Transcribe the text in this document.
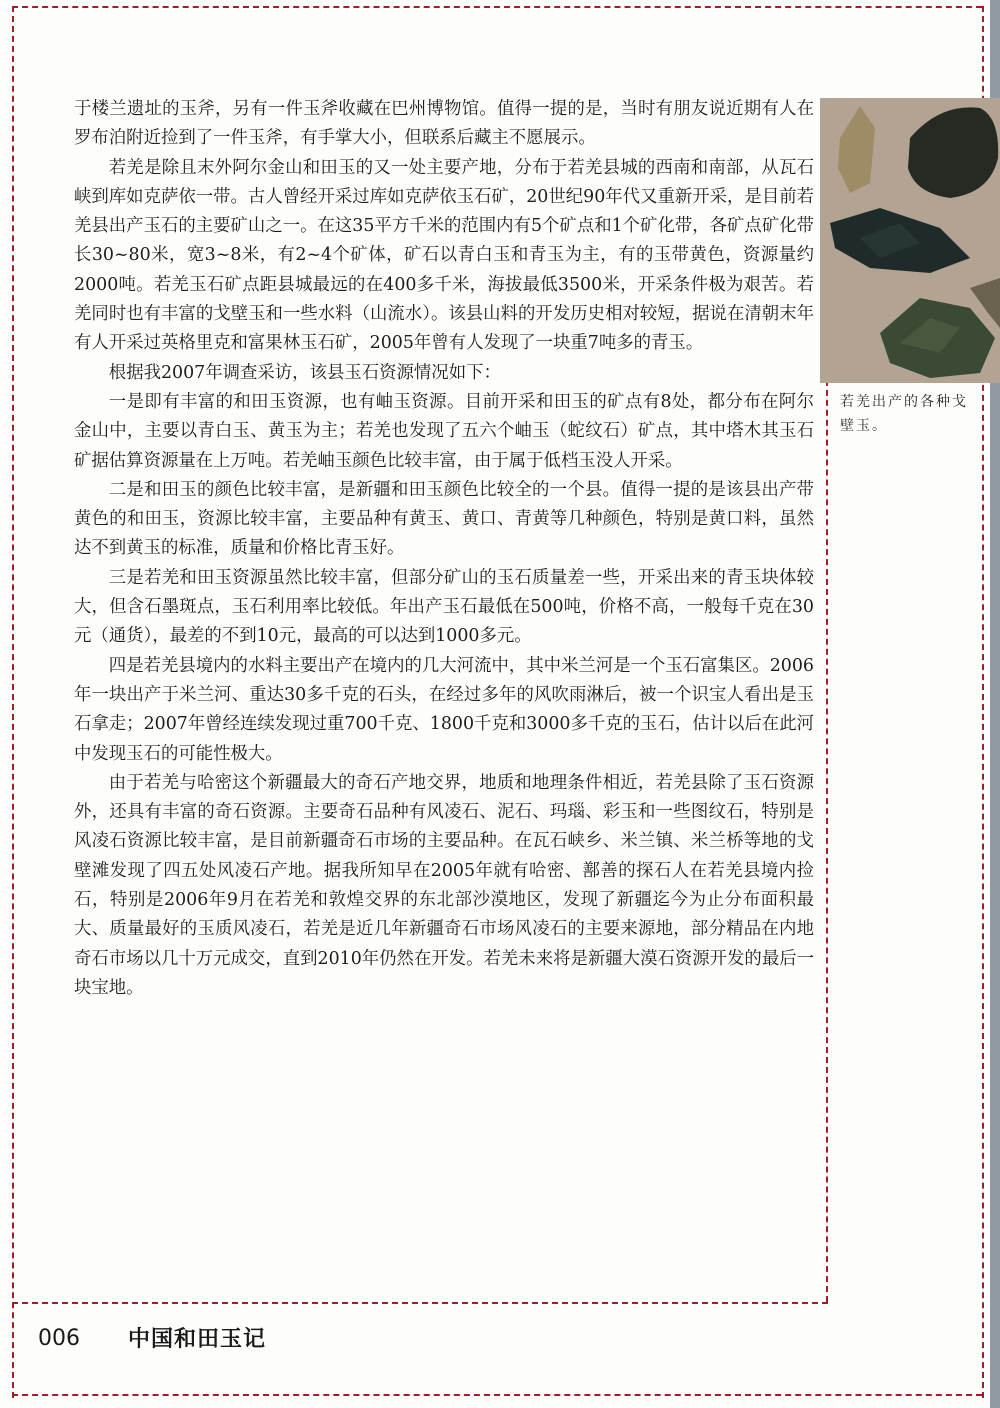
于楼兰遗址的玉斧，另有一件玉斧收藏在巴州博物馆。值得一提的是，当时有朋友说近期有人在罗布泊附近捡到了一件玉斧，有手掌大小，但联系后藏主不愿展示。

若羌是除且末外阿尔金山和田玉的又一处主要产地，分布于若羌县城的西南和南部，从瓦石峡到库如克萨依一带。古人曾经开采过库如克萨依玉石矿，20世纪90年代又重新开采，是目前若羌县出产玉石的主要矿山之一。在这35平方千米的范围内有5个矿点和1个矿化带，各矿点矿化带长30~80米，宽3~8米，有2~4个矿体，矿石以青白玉和青玉为主，有的玉带黄色，资源量约2000吨。若羌玉石矿点距县城最远的在400多千米，海拔最低3500米，开采条件极为艰苦。若羌同时也有丰富的戈壁玉和一些水料（山流水）。该县山料的开发历史相对较短，据说在清朝末年有人开采过英格里克和富果林玉石矿，2005年曾有人发现了一块重7吨多的青玉。

根据我2007年调查采访，该县玉石资源情况如下：

一是即有丰富的和田玉资源，也有岫玉资源。目前开采和田玉的矿点有8处，都分布在阿尔金山中，主要以青白玉、黄玉为主；若羌也发现了五六个岫玉（蛇纹石）矿点，其中塔木其玉石矿据估算资源量在上万吨。若羌岫玉颜色比较丰富，由于属于低档玉没人开采。

二是和田玉的颜色比较丰富，是新疆和田玉颜色比较全的一个县。值得一提的是该县出产带黄色的和田玉，资源比较丰富，主要品种有黄玉、黄口、青黄等几种颜色，特别是黄口料，虽然达不到黄玉的标准，质量和价格比青玉好。

三是若羌和田玉资源虽然比较丰富，但部分矿山的玉石质量差一些，开采出来的青玉块体较大，但含石墨斑点，玉石利用率比较低。年出产玉石最低在500吨，价格不高，一般每千克在30元（通货），最差的不到10元，最高的可以达到1000多元。

四是若羌县境内的水料主要出产在境内的几大河流中，其中米兰河是一个玉石富集区。2006年一块出产于米兰河、重达30多千克的石头，在经过多年的风吹雨淋后，被一个识宝人看出是玉石拿走；2007年曾经连续发现过重700千克、1800千克和3000多千克的玉石，估计以后在此河中发现玉石的可能性极大。

由于若羌与哈密这个新疆最大的奇石产地交界，地质和地理条件相近，若羌县除了玉石资源外，还具有丰富的奇石资源。主要奇石品种有风凌石、泥石、玛瑙、彩玉和一些图纹石，特别是风凌石资源比较丰富，是目前新疆奇石市场的主要品种。在瓦石峡乡、米兰镇、米兰桥等地的戈壁滩发现了四五处风凌石产地。据我所知早在2005年就有哈密、鄯善的探石人在若羌县境内捡石，特别是2006年9月在若羌和敦煌交界的东北部沙漠地区，发现了新疆迄今为止分布面积最大、质量最好的玉质风凌石，若羌是近几年新疆奇石市场风凌石的主要来源地，部分精品在内地奇石市场以几十万元成交，直到2010年仍然在开发。若羌未来将是新疆大漠石资源开发的最后一块宝地。

若羌出产的各种戈壁玉。
006 中国和田玉记
